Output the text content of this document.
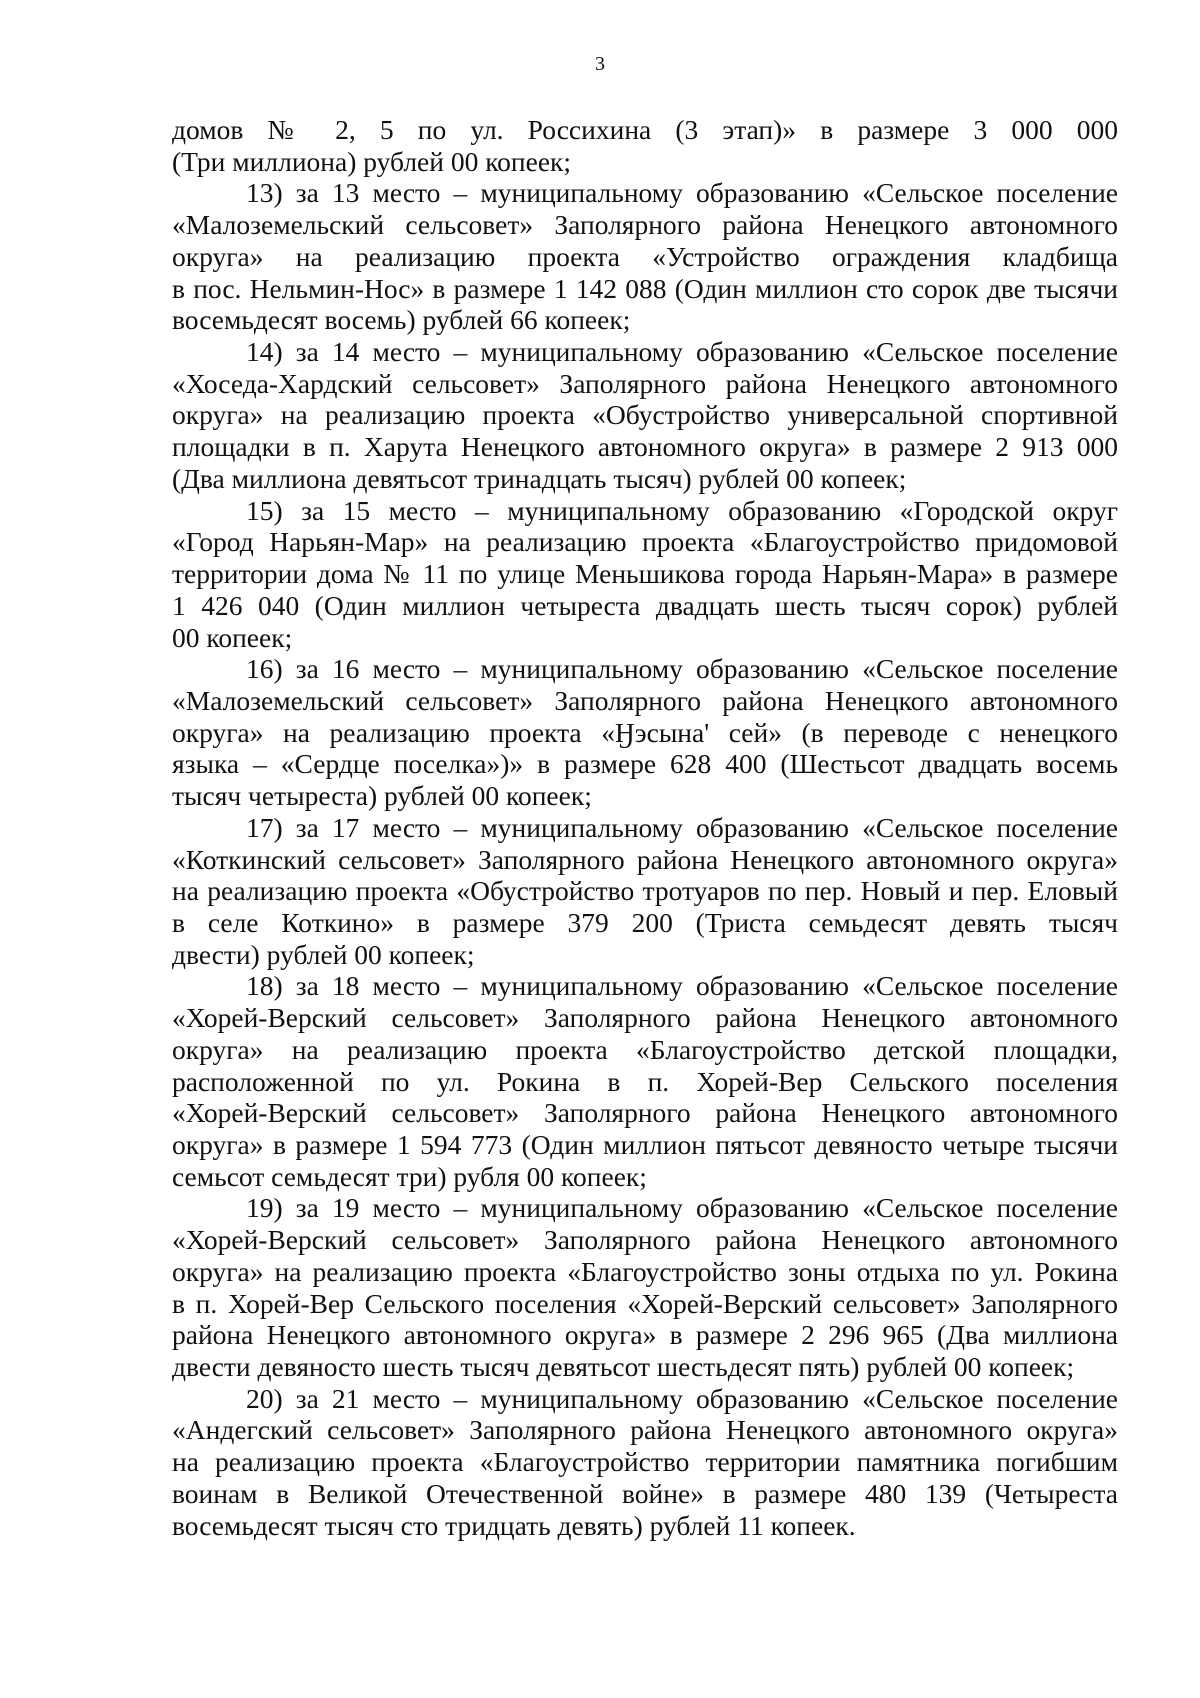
3
домов № 2, 5 по ул. Россихина (3 этап)» в размере 3 000 000
(Три миллиона) рублей 00 копеек;
13) за 13 место – муниципальному образованию «Сельское поселение
«Малоземельский сельсовет» Заполярного района Ненецкого автономного
округа» на реализацию проекта «Устройство ограждения кладбища
в пос. Нельмин-Нос» в размере 1 142 088 (Один миллион сто сорок две тысячи
восемьдесят восемь) рублей 66 копеек;
14) за 14 место – муниципальному образованию «Сельское поселение
«Хоседа-Хардский сельсовет» Заполярного района Ненецкого автономного
округа» на реализацию проекта «Обустройство универсальной спортивной
площадки в п. Харута Ненецкого автономного округа» в размере 2 913 000
(Два миллиона девятьсот тринадцать тысяч) рублей 00 копеек;
15) за 15 место – муниципальному образованию «Городской округ
«Город Нарьян-Мар» на реализацию проекта «Благоустройство придомовой
территории дома № 11 по улице Меньшикова города Нарьян-Мара» в размере
1 426 040 (Один миллион четыреста двадцать шесть тысяч сорок) рублей
00 копеек;
16) за 16 место – муниципальному образованию «Сельское поселение
«Малоземельский сельсовет» Заполярного района Ненецкого автономного
округа» на реализацию проекта «Ӈэсына' сей» (в переводе с ненецкого
языка – «Сердце поселка»)» в размере 628 400 (Шестьсот двадцать восемь
тысяч четыреста) рублей 00 копеек;
17) за 17 место – муниципальному образованию «Сельское поселение
«Коткинский сельсовет» Заполярного района Ненецкого автономного округа»
на реализацию проекта «Обустройство тротуаров по пер. Новый и пер. Еловый
в селе Коткино» в размере 379 200 (Триста семьдесят девять тысяч
двести) рублей 00 копеек;
18) за 18 место – муниципальному образованию «Сельское поселение
«Хорей-Верский сельсовет» Заполярного района Ненецкого автономного
округа» на реализацию проекта «Благоустройство детской площадки,
расположенной по ул. Рокина в п. Хорей-Вер Сельского поселения
«Хорей-Верский сельсовет» Заполярного района Ненецкого автономного
округа» в размере 1 594 773 (Один миллион пятьсот девяносто четыре тысячи
семьсот семьдесят три) рубля 00 копеек;
19) за 19 место – муниципальному образованию «Сельское поселение
«Хорей-Верский сельсовет» Заполярного района Ненецкого автономного
округа» на реализацию проекта «Благоустройство зоны отдыха по ул. Рокина
в п. Хорей-Вер Сельского поселения «Хорей-Верский сельсовет» Заполярного
района Ненецкого автономного округа» в размере 2 296 965 (Два миллиона
двести девяносто шесть тысяч девятьсот шестьдесят пять) рублей 00 копеек;
20) за 21 место – муниципальному образованию «Сельское поселение
«Андегский сельсовет» Заполярного района Ненецкого автономного округа»
на реализацию проекта «Благоустройство территории памятника погибшим
воинам в Великой Отечественной войне» в размере 480 139 (Четыреста
восемьдесят тысяч сто тридцать девять) рублей 11 копеек.
